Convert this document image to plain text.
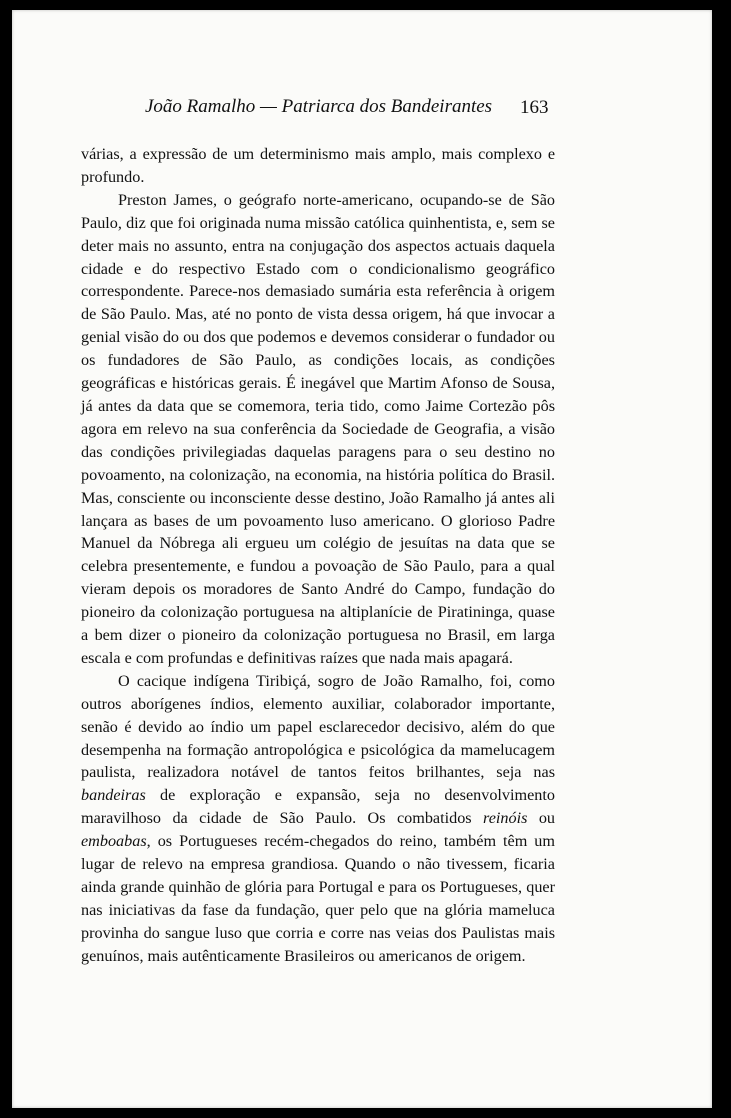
João Ramalho — Patriarca dos Bandeirantes	163

várias, a expressão de um determinismo mais amplo, mais complexo e profundo.

Preston James, o geógrafo norte-americano, ocupando-se de São Paulo, diz que foi originada numa missão católica quinhentista, e, sem se deter mais no assunto, entra na conjugação dos aspectos actuais daquela cidade e do respectivo Estado com o condicionalismo geográfico correspondente. Parece-nos demasiado sumária esta referência à origem de São Paulo. Mas, até no ponto de vista dessa origem, há que invocar a genial visão do ou dos que podemos e devemos considerar o fundador ou os fundadores de São Paulo, as condições locais, as condições geográficas e históricas gerais. É inegável que Martim Afonso de Sousa, já antes da data que se comemora, teria tido, como Jaime Cortezão pôs agora em relevo na sua conferência da Sociedade de Geografia, a visão das condições privilegiadas daquelas paragens para o seu destino no povoamento, na colonização, na economia, na história política do Brasil. Mas, consciente ou inconsciente desse destino, João Ramalho já antes ali lançara as bases de um povoamento luso americano. O glorioso Padre Manuel da Nóbrega ali ergueu um colégio de jesuítas na data que se celebra presentemente, e fundou a povoação de São Paulo, para a qual vieram depois os moradores de Santo André do Campo, fundação do pioneiro da colonização portuguesa na altiplanície de Piratininga, quase a bem dizer o pioneiro da colonização portuguesa no Brasil, em larga escala e com profundas e definitivas raízes que nada mais apagará.

O cacique indígena Tiribiçá, sogro de João Ramalho, foi, como outros aborígenes índios, elemento auxiliar, colaborador importante, senão é devido ao índio um papel esclarecedor decisivo, além do que desempenha na formação antropológica e psicológica da mamelucagem paulista, realizadora notável de tantos feitos brilhantes, seja nas bandeiras de exploração e expansão, seja no desenvolvimento maravilhoso da cidade de São Paulo. Os combatidos reinóis ou emboabas, os Portugueses recém-chegados do reino, também têm um lugar de relevo na empresa grandiosa. Quando o não tivessem, ficaria ainda grande quinhão de glória para Portugal e para os Portugueses, quer nas iniciativas da fase da fundação, quer pelo que na glória mameluca provinha do sangue luso que corria e corre nas veias dos Paulistas mais genuínos, mais autênticamente Brasileiros ou americanos de origem.
